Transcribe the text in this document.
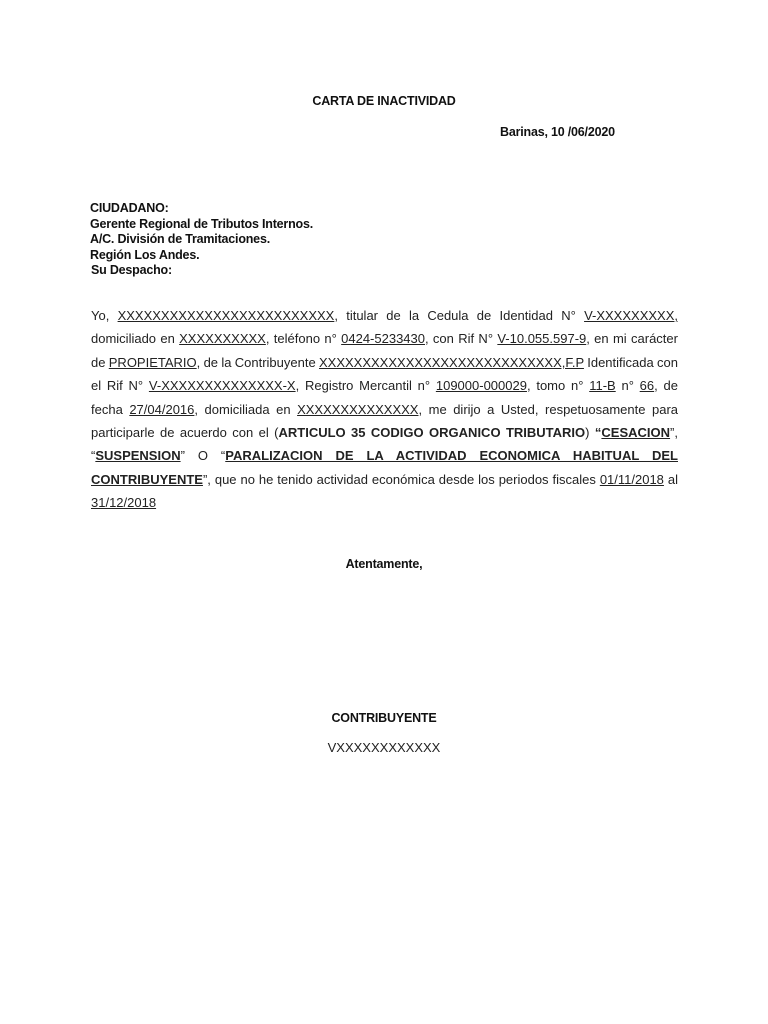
CARTA DE INACTIVIDAD
Barinas, 10 /06/2020
CIUDADANO:
Gerente Regional de Tributos Internos.
A/C. División de Tramitaciones.
Región Los Andes.
Su Despacho:
Yo, XXXXXXXXXXXXXXXXXXXXXXXXX, titular de la Cedula de Identidad N° V-XXXXXXXXX, domiciliado en XXXXXXXXXX, teléfono n° 0424-5233430, con Rif N° V-10.055.597-9, en mi carácter de PROPIETARIO, de la Contribuyente XXXXXXXXXXXXXXXXXXXXXXXXXXXX,F.P Identificada con el Rif N° V-XXXXXXXXXXXXXX-X, Registro Mercantil n° 109000-000029, tomo n° 11-B n° 66, de fecha 27/04/2016, domiciliada en XXXXXXXXXXXXXX, me dirijo a Usted, respetuosamente para participarle de acuerdo con el (ARTICULO 35 CODIGO ORGANICO TRIBUTARIO) “CESACION”, “SUSPENSION” O “PARALIZACION DE LA ACTIVIDAD ECONOMICA HABITUAL DEL CONTRIBUYENTE”, que no he tenido actividad económica desde los periodos fiscales 01/11/2018 al 31/12/2018
Atentamente,
CONTRIBUYENTE
VXXXXXXXXXXXX
